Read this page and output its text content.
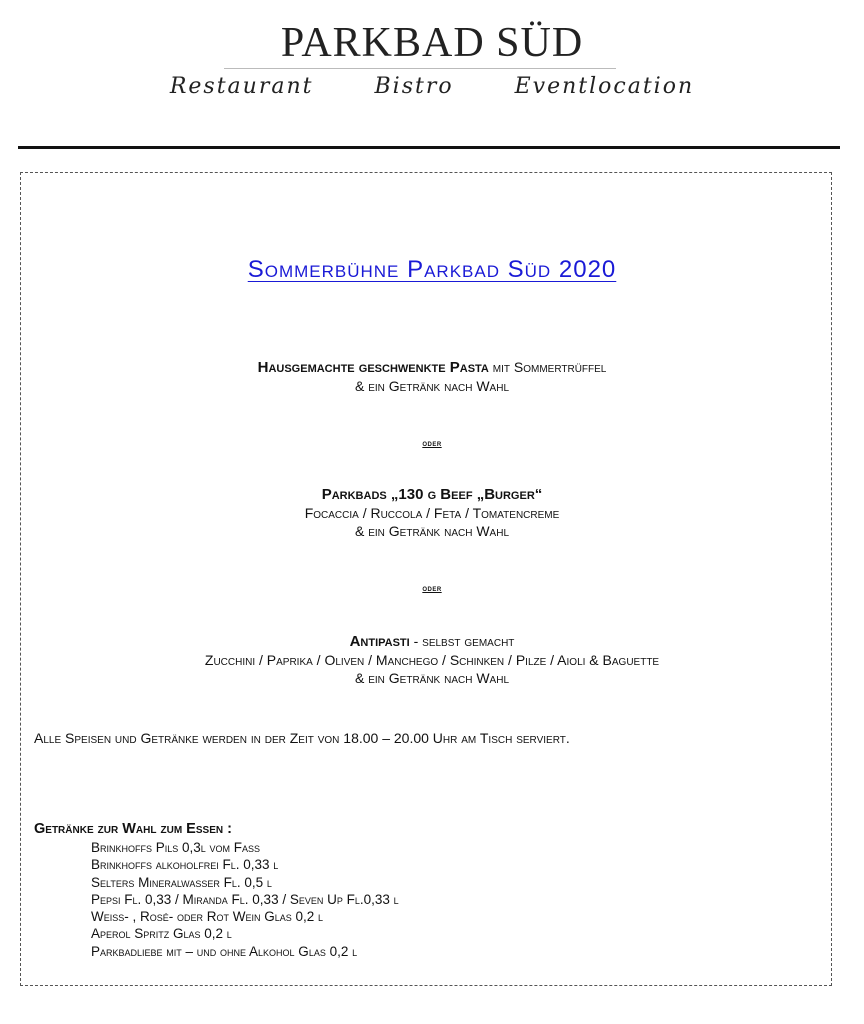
PARKBAD SÜD
Restaurant	Bistro	Eventlocation
Sommerbühne Parkbad Süd 2020
Hausgemachte geschwenkte Pasta mit Sommertrüffel
& ein Getränk nach Wahl
oder
Parkbads „130 g Beef „Burger“
Focaccia / Ruccola / Feta / Tomatencreme
& ein Getränk nach Wahl
oder
Antipasti - selbst gemacht
Zucchini / Paprika / Oliven / Manchego / Schinken / Pilze / Aioli & Baguette
& ein Getränk nach Wahl
Alle Speisen und Getränke werden in der Zeit von 18.00 – 20.00 Uhr am Tisch serviert.
Getränke zur Wahl zum Essen :
Brinkhoffs Pils 0,3l vom Fass
Brinkhoffs alkoholfrei Fl. 0,33 l
Selters Mineralwasser Fl. 0,5 l
Pepsi Fl. 0,33 / Miranda Fl. 0,33 / Seven Up Fl.0,33 l
Weiss- , Rosé- oder Rot Wein Glas 0,2 l
Aperol Spritz Glas 0,2 l
Parkbadliebe mit – und ohne Alkohol Glas 0,2 l
